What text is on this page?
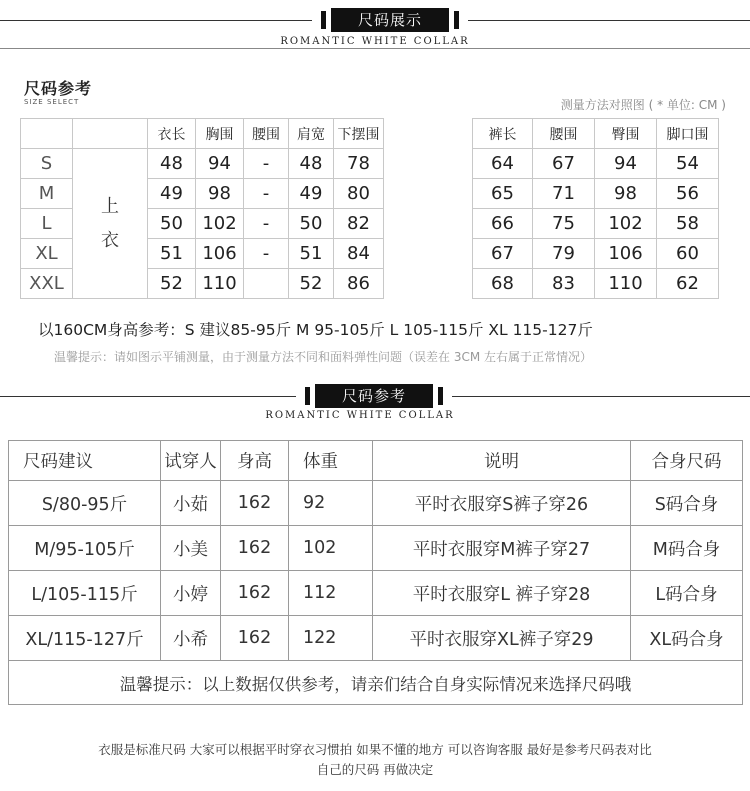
尺码展示
ROMANTIC WHITE COLLAR
尺码参考
SIZE SELECT	测量方法对照图 ( * 单位: CM )
		衣长	胸围	腰围	肩宽	下摆围
S	上衣	48	94	-	48	78
M		49	98	-	49	80
L		50	102	-	50	82
XL		51	106	-	51	84
XXL		52	110		52	86
裤长	腰围	臀围	脚口围
64	67	94	54
65	71	98	56
66	75	102	58
67	79	106	60
68	83	110	62
以160CM身高参考：S 建议85-95斤 M 95-105斤 L 105-115斤 XL 115-127斤
温馨提示：请如图示平铺测量，由于测量方法不同和面料弹性问题（误差在 3CM 左右属于正常情况）
尺码参考
ROMANTIC WHITE COLLAR
尺码建议	试穿人	身高	体重	说明	合身尺码
S/80-95斤	小茹	162	92	平时衣服穿S裤子穿26	S码合身
M/95-105斤	小美	162	102	平时衣服穿M裤子穿27	M码合身
L/105-115斤	小婷	162	112	平时衣服穿L 裤子穿28	L码合身
XL/115-127斤	小希	162	122	平时衣服穿XL裤子穿29	XL码合身
温馨提示：以上数据仅供参考，请亲们结合自身实际情况来选择尺码哦					
衣服是标准尺码 大家可以根据平时穿衣习惯拍 如果不懂的地方 可以咨询客服 最好是参考尺码表对比
自己的尺码 再做决定
